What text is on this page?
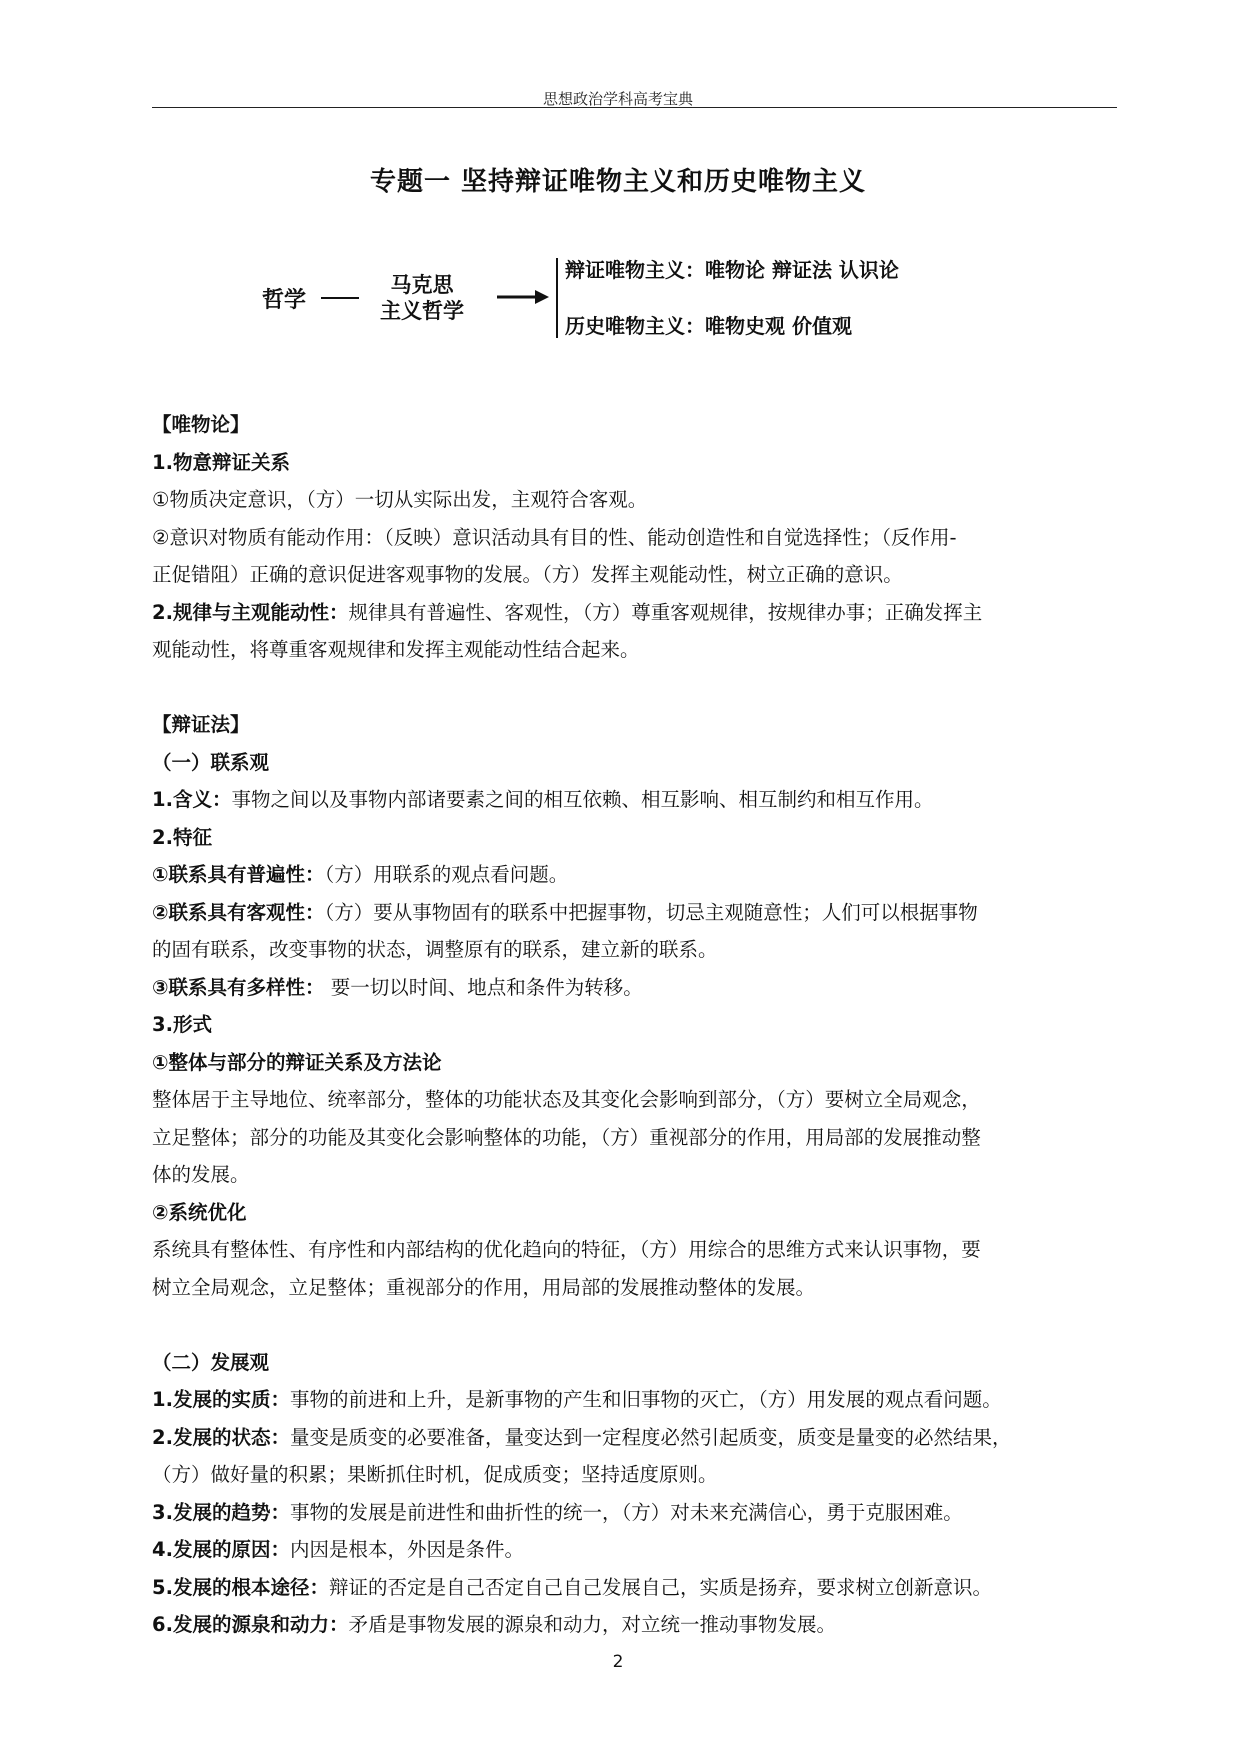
思想政治学科高考宝典
专题一 坚持辩证唯物主义和历史唯物主义
哲学
马克思
主义哲学
辩证唯物主义：唯物论 辩证法 认识论
历史唯物主义：唯物史观 价值观

【唯物论】

1.物意辩证关系

①物质决定意识，（方）一切从实际出发，主观符合客观。

②意识对物质有能动作用：（反映）意识活动具有目的性、能动创造性和自觉选择性；（反作用-

正促错阻）正确的意识促进客观事物的发展。（方）发挥主观能动性，树立正确的意识。

2.规律与主观能动性：规律具有普遍性、客观性，（方）尊重客观规律，按规律办事；正确发挥主

观能动性，将尊重客观规律和发挥主观能动性结合起来。

【辩证法】

（一）联系观

1.含义：事物之间以及事物内部诸要素之间的相互依赖、相互影响、相互制约和相互作用。

2.特征

①联系具有普遍性：（方）用联系的观点看问题。

②联系具有客观性：（方）要从事物固有的联系中把握事物，切忌主观随意性；人们可以根据事物

的固有联系，改变事物的状态，调整原有的联系，建立新的联系。

③联系具有多样性： 要一切以时间、地点和条件为转移。

3.形式

①整体与部分的辩证关系及方法论

整体居于主导地位、统率部分，整体的功能状态及其变化会影响到部分，（方）要树立全局观念，

立足整体；部分的功能及其变化会影响整体的功能，（方）重视部分的作用，用局部的发展推动整

体的发展。

②系统优化

系统具有整体性、有序性和内部结构的优化趋向的特征，（方）用综合的思维方式来认识事物，要

树立全局观念，立足整体；重视部分的作用，用局部的发展推动整体的发展。

（二）发展观

1.发展的实质：事物的前进和上升，是新事物的产生和旧事物的灭亡，（方）用发展的观点看问题。

2.发展的状态：量变是质变的必要准备，量变达到一定程度必然引起质变，质变是量变的必然结果，

（方）做好量的积累；果断抓住时机，促成质变；坚持适度原则。

3.发展的趋势：事物的发展是前进性和曲折性的统一，（方）对未来充满信心，勇于克服困难。

4.发展的原因：内因是根本，外因是条件。

5.发展的根本途径：辩证的否定是自己否定自己自己发展自己，实质是扬弃，要求树立创新意识。

6.发展的源泉和动力：矛盾是事物发展的源泉和动力，对立统一推动事物发展。

2
